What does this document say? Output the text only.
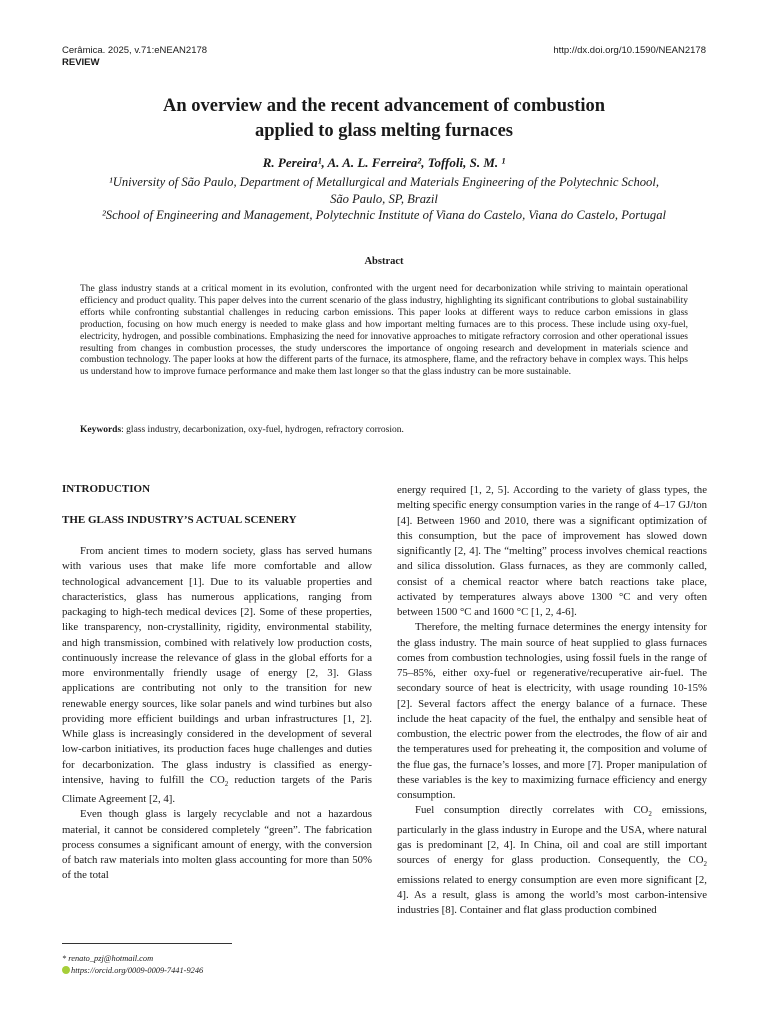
Cerâmica. 2025, v.71:eNEAN2178
REVIEW
http://dx.doi.org/10.1590/NEAN2178
An overview and the recent advancement of combustion
applied to glass melting furnaces
R. Pereira¹, A. A. L. Ferreira², Toffoli, S. M. ¹
¹University of São Paulo, Department of Metallurgical and Materials Engineering of the Polytechnic School,
São Paulo, SP, Brazil
²School of Engineering and Management, Polytechnic Institute of Viana do Castelo, Viana do Castelo, Portugal
Abstract

The glass industry stands at a critical moment in its evolution, confronted with the urgent need for decarbonization while striving to maintain operational efficiency and product quality. This paper delves into the current scenario of the glass industry, highlighting its significant contributions to global sustainability efforts while confronting substantial challenges in reducing carbon emissions. This paper looks at different ways to reduce carbon emissions in glass production, focusing on how much energy is needed to make glass and how important melting furnaces are to this process. These include using oxy-fuel, electricity, hydrogen, and possible combinations. Emphasizing the need for innovative approaches to mitigate refractory corrosion and other operational issues resulting from changes in combustion processes, the study underscores the importance of ongoing research and development in materials science and combustion technology. The paper looks at how the different parts of the furnace, its atmosphere, flame, and the refractory behave in complex ways. This helps us understand how to improve furnace performance and make them last longer so that the glass industry can be more sustainable.

Keywords: glass industry, decarbonization, oxy-fuel, hydrogen, refractory corrosion.

INTRODUCTION
THE GLASS INDUSTRY’S ACTUAL SCENERY

From ancient times to modern society, glass has served humans with various uses that make life more comfortable and allow technological advancement [1]. Due to its valuable properties and characteristics, glass has numerous applications, ranging from packaging to high-tech medical devices [2]. Some of these properties, like transparency, non-crystallinity, rigidity, environmental stability, and high transmission, combined with relatively low production costs, continuously increase the relevance of glass in the global efforts for a more environmentally friendly usage of energy [2, 3]. Glass applications are contributing not only to the transition for new renewable energy sources, like solar panels and wind turbines but also providing more efficient buildings and urban infrastructures [1, 2]. While glass is increasingly considered in the development of several low-carbon initiatives, its production faces huge challenges and duties for decarbonization. The glass industry is classified as energy-intensive, having to fulfill the $CO_2$ reduction targets of the Paris Climate Agreement [2, 4].

Even though glass is largely recyclable and not a hazardous material, it cannot be considered completely “green”. The fabrication process consumes a significant amount of energy, with the conversion of batch raw materials into molten glass accounting for more than 50% of the total

energy required [1, 2, 5]. According to the variety of glass types, the melting specific energy consumption varies in the range of 4–17 GJ/ton [4]. Between 1960 and 2010, there was a significant optimization of this consumption, but the pace of improvement has slowed down significantly [2, 4]. The “melting” process involves chemical reactions and silica dissolution. Glass furnaces, as they are commonly called, consist of a chemical reactor where batch reactions take place, activated by temperatures always above 1300 °C and very often between 1500 °C and 1600 °C [1, 2, 4-6].

Therefore, the melting furnace determines the energy intensity for the glass industry. The main source of heat supplied to glass furnaces comes from combustion technologies, using fossil fuels in the range of 75–85%, either oxy-fuel or regenerative/recuperative air-fuel. The secondary source of heat is electricity, with usage rounding 10-15% [2]. Several factors affect the energy balance of a furnace. These include the heat capacity of the fuel, the enthalpy and sensible heat of combustion, the electric power from the electrodes, the flow of air and the temperatures used for preheating it, the composition and volume of the flue gas, the furnace’s losses, and more [7]. Proper manipulation of these variables is the key to maximizing furnace efficiency and energy consumption.

Fuel consumption directly correlates with $CO_2$ emissions, particularly in the glass industry in Europe and the USA, where natural gas is predominant [2, 4]. In China, oil and coal are still important sources of energy for glass production. Consequently, the $CO_2$ emissions related to energy consumption are even more significant [2, 4]. As a result, glass is among the world’s most carbon-intensive industries [8]. Container and flat glass production combined

* renato_pzj@hotmail.com
https://orcid.org/0009-0009-7441-9246
